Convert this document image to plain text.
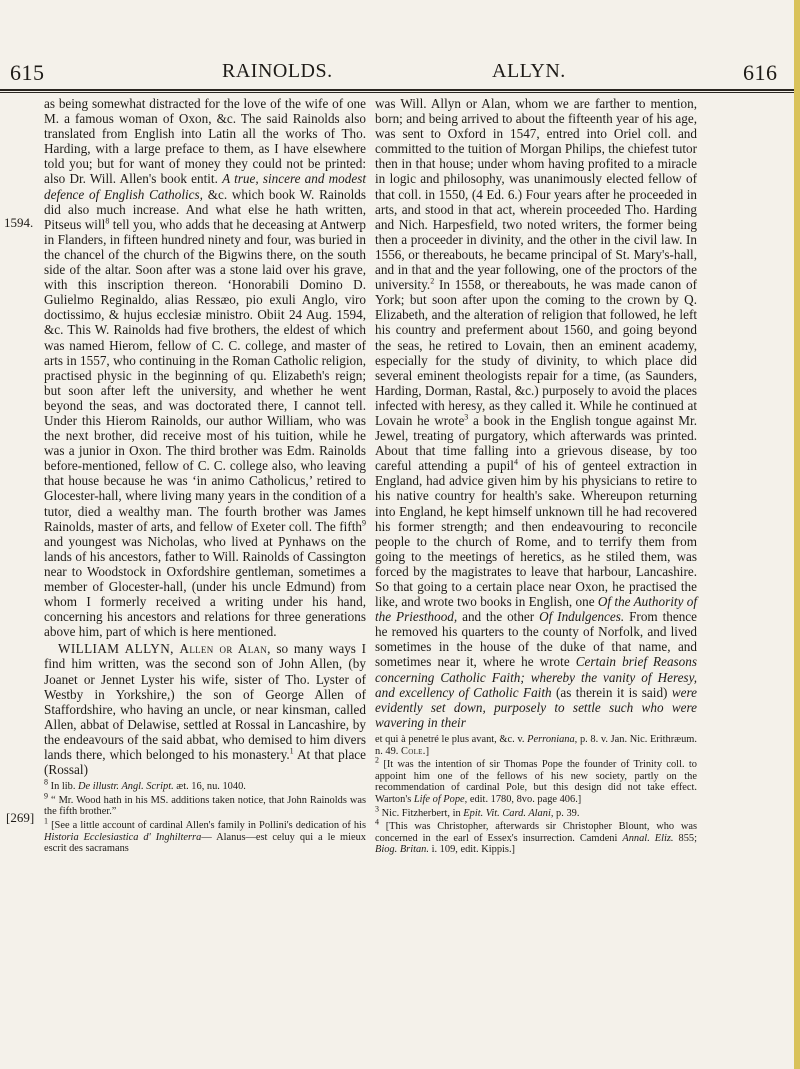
615	RAINOLDS.	ALLYN.	616
1594.
[269]

as being somewhat distracted for the love of the wife of one M. a famous woman of Oxon, &c. The said Rainolds also translated from English into Latin all the works of Tho. Harding, with a large preface to them, as I have elsewhere told you; but for want of money they could not be printed: also Dr. Will. Allen's book entit. A true, sincere and modest defence of English Catholics, &c. which book W. Rainolds did also much increase. And what else he hath written, Pitseus will$^8$ tell you, who adds that he deceasing at Antwerp in Flanders, in fifteen hundred ninety and four, was buried in the chancel of the church of the Bigwins there, on the south side of the altar. Soon after was a stone laid over his grave, with this inscription thereon. ‘Honorabili Domino D. Gulielmo Reginaldo, alias Ressæo, pio exuli Anglo, viro doctissimo, & hujus ecclesiæ ministro. Obiit 24 Aug. 1594, &c. This W. Rainolds had five brothers, the eldest of which was named Hierom, fellow of C. C. college, and master of arts in 1557, who continuing in the Roman Catholic religion, practised physic in the beginning of qu. Elizabeth's reign; but soon after left the university, and whether he went beyond the seas, and was doctorated there, I cannot tell. Under this Hierom Rainolds, our author William, who was the next brother, did receive most of his tuition, while he was a junior in Oxon. The third brother was Edm. Rainolds before-mentioned, fellow of C. C. college also, who leaving that house because he was ‘in animo Catholicus,’ retired to Glocester-hall, where living many years in the condition of a tutor, died a wealthy man. The fourth brother was James Rainolds, master of arts, and fellow of Exeter coll. The fifth$^9$ and youngest was Nicholas, who lived at Pynhaws on the lands of his ancestors, father to Will. Rainolds of Cassington near to Woodstock in Oxfordshire gentleman, sometimes a member of Glocester-hall, (under his uncle Edmund) from whom I formerly received a writing under his hand, concerning his ancestors and relations for three generations above him, part of which is here mentioned.

WILLIAM ALLYN, Allen or Alan, so many ways I find him written, was the second son of John Allen, (by Joanet or Jennet Lyster his wife, sister of Tho. Lyster of Westby in Yorkshire,) the son of George Allen of Staffordshire, who having an uncle, or near kinsman, called Allen, abbat of Delawise, settled at Rossal in Lancashire, by the endeavours of the said abbat, who demised to him divers lands there, which belonged to his monastery.$^1$ At that place (Rossal)

$^8$ In lib. De illustr. Angl. Script. æt. 16, nu. 1040.

$^9$ “ Mr. Wood hath in his MS. additions taken notice, that John Rainolds was the fifth brother.”

$^1$ [See a little account of cardinal Allen's family in Pollini's dedication of his Historia Ecclesiastica d' Inghilterra— Alanus—est celuy qui a le mieux escrit des sacramans

was Will. Allyn or Alan, whom we are farther to mention, born; and being arrived to about the fifteenth year of his age, was sent to Oxford in 1547, entred into Oriel coll. and committed to the tuition of Morgan Philips, the chiefest tutor then in that house; under whom having profited to a miracle in logic and philosophy, was unanimously elected fellow of that coll. in 1550, (4 Ed. 6.) Four years after he proceeded in arts, and stood in that act, wherein proceeded Tho. Harding and Nich. Harpesfield, two noted writers, the former being then a proceeder in divinity, and the other in the civil law. In 1556, or thereabouts, he became principal of St. Mary's-hall, and in that and the year following, one of the proctors of the university.$^2$ In 1558, or thereabouts, he was made canon of York; but soon after upon the coming to the crown by Q. Elizabeth, and the alteration of religion that followed, he left his country and preferment about 1560, and going beyond the seas, he retired to Lovain, then an eminent academy, especially for the study of divinity, to which place did several eminent theologists repair for a time, (as Saunders, Harding, Dorman, Rastal, &c.) purposely to avoid the places infected with heresy, as they called it. While he continued at Lovain he wrote$^3$ a book in the English tongue against Mr. Jewel, treating of purgatory, which afterwards was printed. About that time falling into a grievous disease, by too careful attending a pupil$^4$ of his of genteel extraction in England, had advice given him by his physicians to retire to his native country for health's sake. Whereupon returning into England, he kept himself unknown till he had recovered his former strength; and then endeavouring to reconcile people to the church of Rome, and to terrify them from going to the meetings of heretics, as he stiled them, was forced by the magistrates to leave that harbour, Lancashire. So that going to a certain place near Oxon, he practised the like, and wrote two books in English, one Of the Authority of the Priesthood, and the other Of Indulgences. From thence he removed his quarters to the county of Norfolk, and lived sometimes in the house of the duke of that name, and sometimes near it, where he wrote Certain brief Reasons concerning Catholic Faith; whereby the vanity of Heresy, and excellency of Catholic Faith (as therein it is said) were evidently set down, purposely to settle such who were wavering in their

et qui à penetré le plus avant, &c. v. Perroniana, p. 8. v. Jan. Nic. Erithræum. n. 49. Cole.]

$^2$ [It was the intention of sir Thomas Pope the founder of Trinity coll. to appoint him one of the fellows of his new society, partly on the recommendation of cardinal Pole, but this design did not take effect. Warton's Life of Pope, edit. 1780, 8vo. page 406.]

$^3$ Nic. Fitzherbert, in Epit. Vit. Card. Alani, p. 39.

$^4$ [This was Christopher, afterwards sir Christopher Blount, who was concerned in the earl of Essex's insurrection. Camdeni Annal. Eliz. 855; Biog. Britan. i. 109, edit. Kippis.]
